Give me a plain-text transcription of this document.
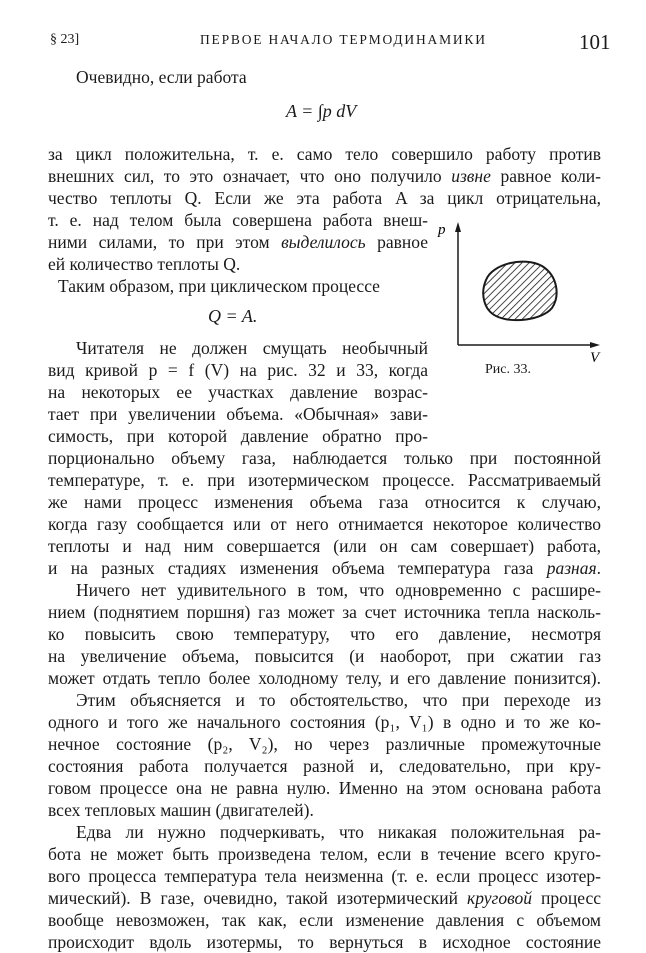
§ 23]	ПЕРВОЕ НАЧАЛО ТЕРМОДИНАМИКИ	101
Очевидно, если работа
A = ∫p dV
за цикл положительна, т. е. само тело совершило работу против
внешних сил, то это означает, что оно получило извне равное коли-
чество теплоты Q. Если же эта работа A за цикл отрицательна,
т. е. над телом была совершена работа внеш-
ними силами, то при этом выделилось равное
ей количество теплоты Q.
Таким образом, при циклическом процессе
Q = A.
Читателя не должен смущать необычный
вид кривой p = f (V) на рис. 32 и 33, когда
на некоторых ее участках давление возрас-
тает при увеличении объема. «Обычная» зави-
симость, при которой давление обратно про-
порционально объему газа, наблюдается только при постоянной
температуре, т. е. при изотермическом процессе. Рассматриваемый
же нами процесс изменения объема газа относится к случаю,
когда газу сообщается или от него отнимается некоторое количество
теплоты и над ним совершается (или он сам совершает) работа,
и на разных стадиях изменения объема температура газа разная.
Ничего нет удивительного в том, что одновременно с расшире-
нием (поднятием поршня) газ может за счет источника тепла насколь-
ко повысить свою температуру, что его давление, несмотря
на увеличение объема, повысится (и наоборот, при сжатии газ
может отдать тепло более холодному телу, и его давление понизится).
Этим объясняется и то обстоятельство, что при переходе из
одного и того же начального состояния (p₁, V₁) в одно и то же ко-
нечное состояние (p₂, V₂), но через различные промежуточные
состояния работа получается разной и, следовательно, при кру-
говом процессе она не равна нулю. Именно на этом основана работа
всех тепловых машин (двигателей).
Едва ли нужно подчеркивать, что никакая положительная ра-
бота не может быть произведена телом, если в течение всего круго-
вого процесса температура тела неизменна (т. е. если процесс изотер-
мический). В газе, очевидно, такой изотермический круговой процесс
вообще невозможен, так как, если изменение давления с объемом
происходит вдоль изотермы, то вернуться в исходное состояние
p
V
Рис. 33.
